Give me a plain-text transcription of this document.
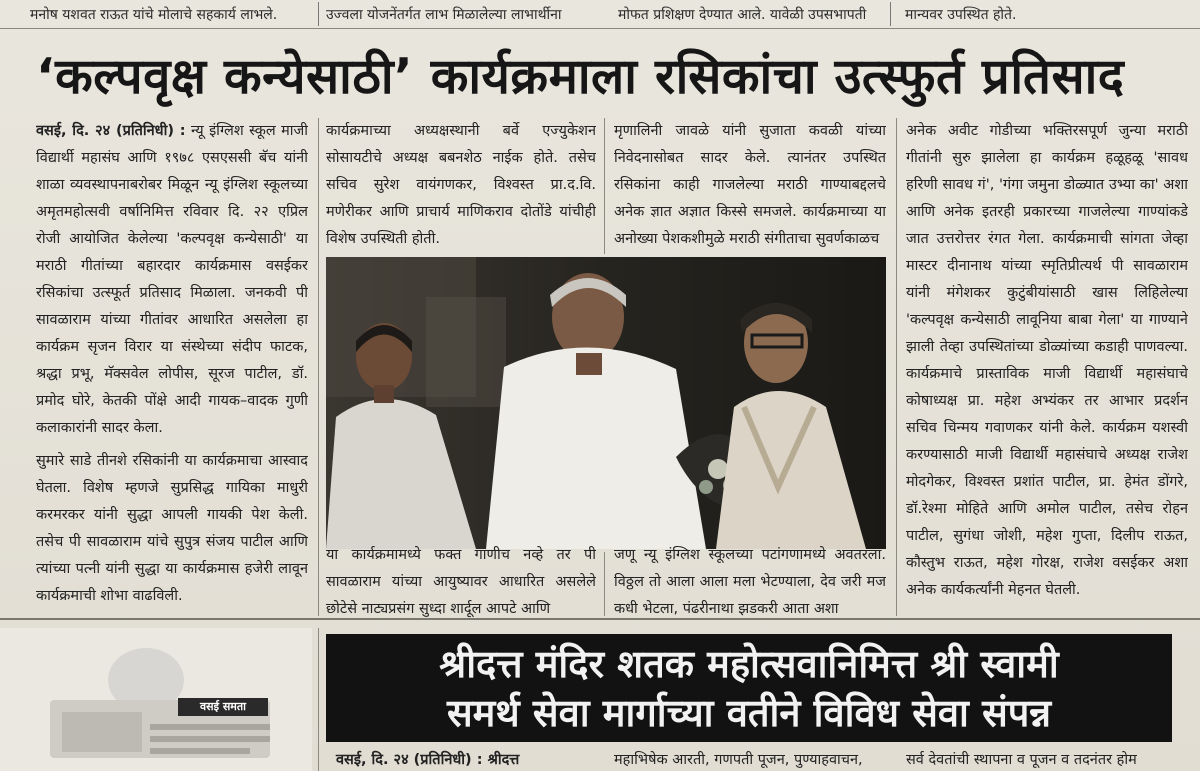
मनोष यशवत राऊत यांचे मोलाचे सहकार्य लाभले.	उज्वला योजनेंतर्गत लाभ मिळालेल्या लाभार्थीना	मोफत प्रशिक्षण देण्यात आले. यावेळी उपसभापती	मान्यवर उपस्थित होते.
‘कल्पवृक्ष कन्येसाठी’ कार्यक्रमाला रसिकांचा उत्स्फुर्त प्रतिसाद

वसई, दि. २४ (प्रतिनिधी) : न्यू इंग्लिश स्कूल माजी विद्यार्थी महासंघ आणि १९७८ एसएससी बॅच यांनी शाळा व्यवस्थापनाबरोबर मिळून न्यू इंग्लिश स्कूलच्या अमृतमहोत्सवी वर्षानिमित्त रविवार दि. २२ एप्रिल रोजी आयोजित केलेल्या 'कल्पवृक्ष कन्येसाठी' या मराठी गीतांच्या बहारदार कार्यक्रमास वसईकर रसिकांचा उत्स्फूर्त प्रतिसाद मिळाला. जनकवी पी सावळाराम यांच्या गीतांवर आधारित असलेला हा कार्यक्रम सृजन विरार या संस्थेच्या संदीप फाटक, श्रद्धा प्रभू, मॅक्सवेल लोपीस, सूरज पाटील, डॉ. प्रमोद घोरे, केतकी पोंक्षे आदी गायक–वादक गुणी कलाकारांनी सादर केला.

सुमारे साडे तीनशे रसिकांनी या कार्यक्रमाचा आस्वाद घेतला. विशेष म्हणजे सुप्रसिद्ध गायिका माधुरी करमरकर यांनी सुद्धा आपली गायकी पेश केली. तसेच पी सावळाराम यांचे सुपुत्र संजय पाटील आणि त्यांच्या पत्नी यांनी सुद्धा या कार्यक्रमास हजेरी लावून कार्यक्रमाची शोभा वाढविली.

कार्यक्रमाच्या अध्यक्षस्थानी बर्वे एज्युकेशन सोसायटीचे अध्यक्ष बबनशेठ नाईक होते. तसेच सचिव सुरेश वायंगणकर, विश्वस्त प्रा.द.वि. मणेरीकर आणि प्राचार्य माणिकराव दोतोंडे यांचीही विशेष उपस्थिती होती.

मृणालिनी जावळे यांनी सुजाता कवळी यांच्या निवेदनासोबत सादर केले. त्यानंतर उपस्थित रसिकांना काही गाजलेल्या मराठी गाण्याबद्दलचे अनेक ज्ञात अज्ञात किस्से समजले. कार्यक्रमाच्या या अनोख्या पेशकशीमुळे मराठी संगीताचा सुवर्णकाळच

अनेक अवीट गोडीच्या भक्तिरसपूर्ण जुन्या मराठी गीतांनी सुरु झालेला हा कार्यक्रम हळूहळू 'सावध हरिणी सावध गं', 'गंगा जमुना डोळ्यात उभ्या का' अशा आणि अनेक इतरही प्रकारच्या गाजलेल्या गाण्यांकडे जात उत्तरोत्तर रंगत गेला. कार्यक्रमाची सांगता जेव्हा मास्टर दीनानाथ यांच्या स्मृतिप्रीत्यर्थ पी सावळाराम यांनी मंगेशकर कुटुंबीयांसाठी खास लिहिलेल्या 'कल्पवृक्ष कन्येसाठी लावूनिया बाबा गेला' या गाण्याने झाली तेव्हा उपस्थितांच्या डोळ्यांच्या कडाही पाणवल्या. कार्यक्रमाचे प्रास्ताविक माजी विद्यार्थी महासंघाचे कोषाध्यक्ष प्रा. महेश अभ्यंकर तर आभार प्रदर्शन सचिव चिन्मय गवाणकर यांनी केले. कार्यक्रम यशस्वी करण्यासाठी माजी विद्यार्थी महासंघाचे अध्यक्ष राजेश मोदगेकर, विश्वस्त प्रशांत पाटील, प्रा. हेमंत डोंगरे, डॉ.रेश्मा मोहिते आणि अमोल पाटील, तसेच रोहन पाटील, सुगंधा जोशी, महेश गुप्ता, दिलीप राऊत, कौस्तुभ राऊत, महेश गोरक्ष, राजेश वसईकर अशा अनेक कार्यकर्त्यांनी मेहनत घेतली.

या कार्यक्रमामध्ये फक्त गाणीच नव्हे तर पी सावळाराम यांच्या आयुष्यावर आधारित असलेले छोटेसे नाट्यप्रसंग सुध्दा शार्दूल आपटे आणि
जणू न्यू इंग्लिश स्कूलच्या पटांगणामध्ये अवतरला. विठ्ठल तो आला आला मला भेटण्याला, देव जरी मज कधी भेटला, पंढरीनाथा झडकरी आता अशा
वसई समता
श्रीदत्त मंदिर शतक महोत्सवानिमित्त श्री स्वामी
समर्थ सेवा मार्गाच्या वतीने विविध सेवा संपन्न
वसई, दि. २४ (प्रतिनिधी) : श्रीदत्त	महाभिषेक आरती, गणपती पूजन, पुण्याहवाचन,	सर्व देवतांची स्थापना व पूजन व तदनंतर होम
